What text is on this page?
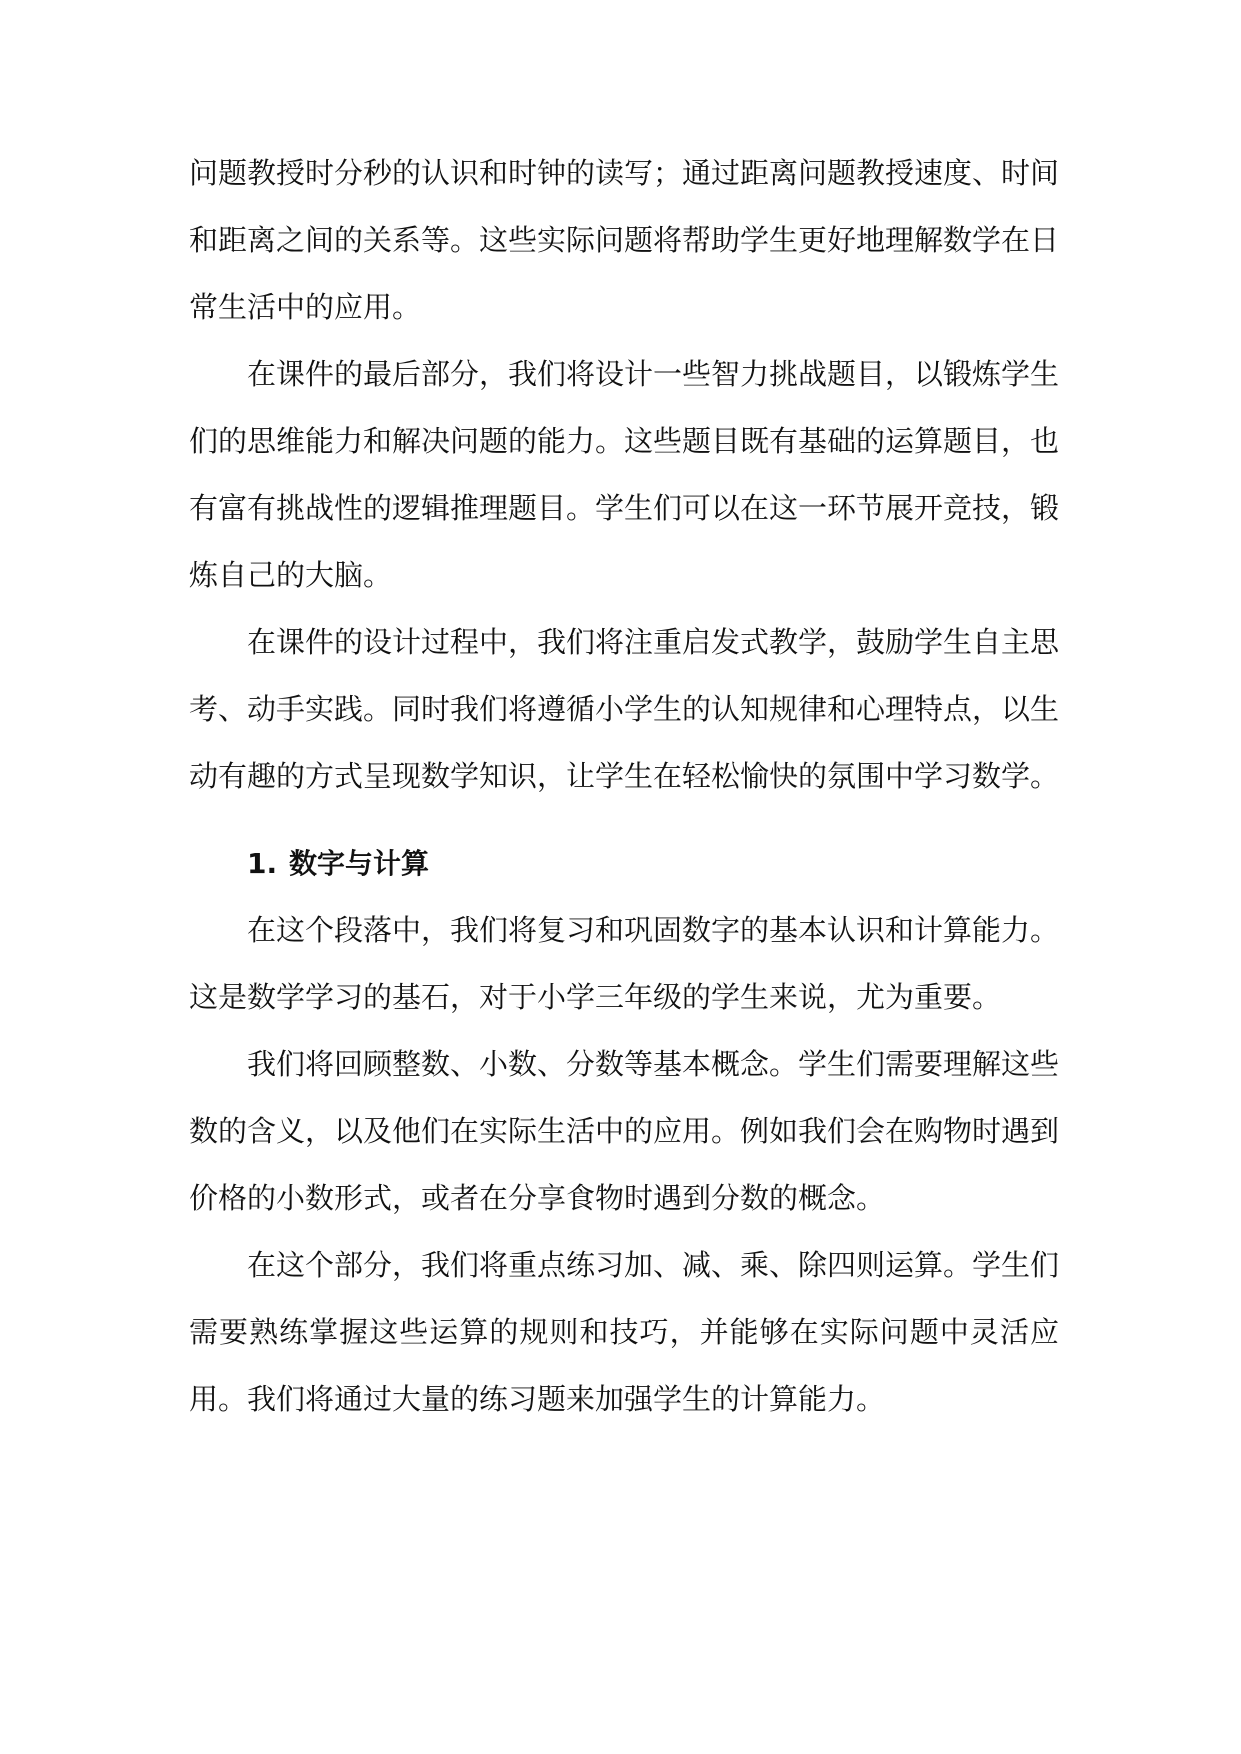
问题教授时分秒的认识和时钟的读写；通过距离问题教授速度、时间和距离之间的关系等。这些实际问题将帮助学生更好地理解数学在日常生活中的应用。

在课件的最后部分，我们将设计一些智力挑战题目，以锻炼学生们的思维能力和解决问题的能力。这些题目既有基础的运算题目，也有富有挑战性的逻辑推理题目。学生们可以在这一环节展开竞技，锻炼自己的大脑。

在课件的设计过程中，我们将注重启发式教学，鼓励学生自主思考、动手实践。同时我们将遵循小学生的认知规律和心理特点，以生动有趣的方式呈现数学知识，让学生在轻松愉快的氛围中学习数学。

1. 数字与计算

在这个段落中，我们将复习和巩固数字的基本认识和计算能力。这是数学学习的基石，对于小学三年级的学生来说，尤为重要。

我们将回顾整数、小数、分数等基本概念。学生们需要理解这些数的含义，以及他们在实际生活中的应用。例如我们会在购物时遇到价格的小数形式，或者在分享食物时遇到分数的概念。

在这个部分，我们将重点练习加、减、乘、除四则运算。学生们需要熟练掌握这些运算的规则和技巧，并能够在实际问题中灵活应用。我们将通过大量的练习题来加强学生的计算能力。
